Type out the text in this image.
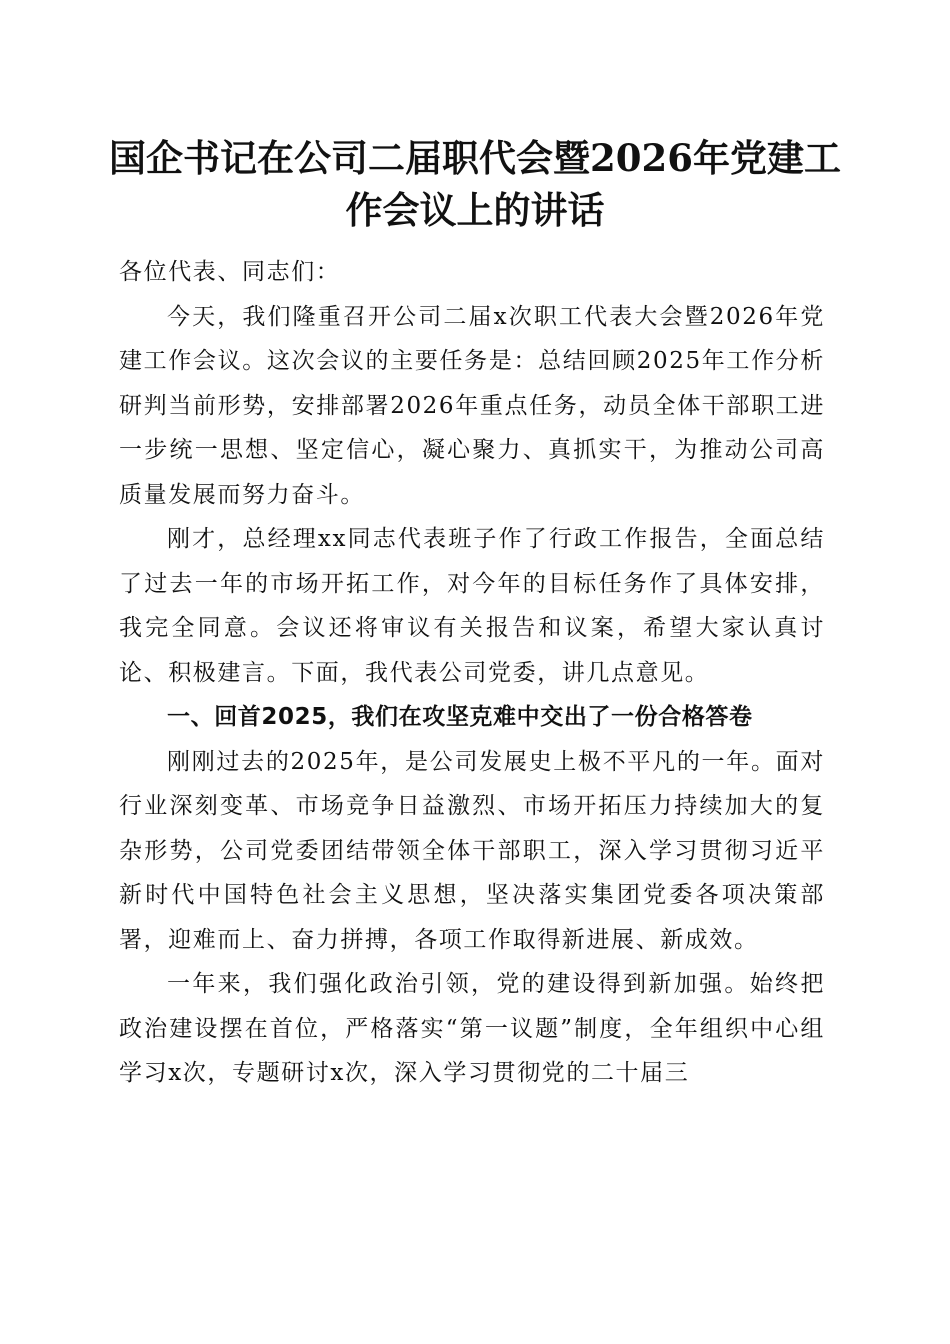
国企书记在公司二届职代会暨2026年党建工
作会议上的讲话

各位代表、同志们：

今天，我们隆重召开公司二届x次职工代表大会暨2026年党建工作会议。这次会议的主要任务是：总结回顾2025年工作分析研判当前形势，安排部署2026年重点任务，动员全体干部职工进一步统一思想、坚定信心，凝心聚力、真抓实干，为推动公司高质量发展而努力奋斗。

刚才，总经理xx同志代表班子作了行政工作报告，全面总结了过去一年的市场开拓工作，对今年的目标任务作了具体安排，我完全同意。会议还将审议有关报告和议案，希望大家认真讨论、积极建言。下面，我代表公司党委，讲几点意见。

一、回首2025，我们在攻坚克难中交出了一份合格答卷

刚刚过去的2025年，是公司发展史上极不平凡的一年。面对行业深刻变革、市场竞争日益激烈、市场开拓压力持续加大的复杂形势，公司党委团结带领全体干部职工，深入学习贯彻习近平新时代中国特色社会主义思想，坚决落实集团党委各项决策部署，迎难而上、奋力拼搏，各项工作取得新进展、新成效。

一年来，我们强化政治引领，党的建设得到新加强。始终把政治建设摆在首位，严格落实“第一议题”制度，全年组织中心组学习x次，专题研讨x次，深入学习贯彻党的二十届三
